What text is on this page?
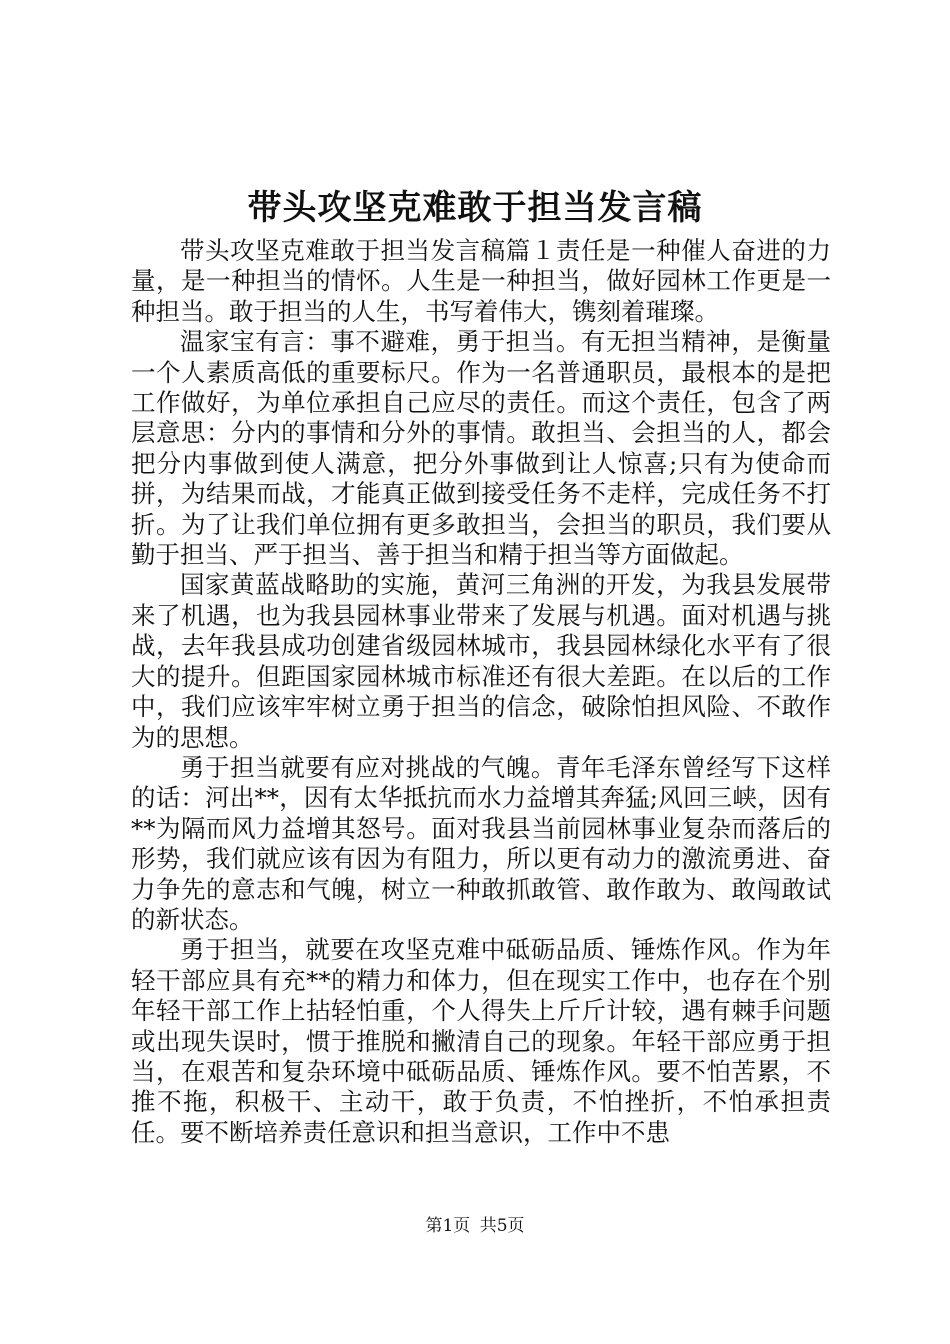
带头攻坚克难敢于担当发言稿

带头攻坚克难敢于担当发言稿篇１责任是一种催人奋进的力量，是一种担当的情怀。人生是一种担当，做好园林工作更是一种担当。敢于担当的人生，书写着伟大，镌刻着璀璨。

温家宝有言：事不避难，勇于担当。有无担当精神，是衡量一个人素质高低的重要标尺。作为一名普通职员，最根本的是把工作做好，为单位承担自己应尽的责任。而这个责任，包含了两层意思：分内的事情和分外的事情。敢担当、会担当的人，都会把分内事做到使人满意，把分外事做到让人惊喜;只有为使命而拼，为结果而战，才能真正做到接受任务不走样，完成任务不打折。为了让我们单位拥有更多敢担当，会担当的职员，我们要从勤于担当、严于担当、善于担当和精于担当等方面做起。

国家黄蓝战略助的实施，黄河三角洲的开发，为我县发展带来了机遇，也为我县园林事业带来了发展与机遇。面对机遇与挑战，去年我县成功创建省级园林城市，我县园林绿化水平有了很大的提升。但距国家园林城市标准还有很大差距。在以后的工作中，我们应该牢牢树立勇于担当的信念，破除怕担风险、不敢作为的思想。

勇于担当就要有应对挑战的气魄。青年毛泽东曾经写下这样的话：河出**，因有太华抵抗而水力益增其奔猛;风回三峡，因有**为隔而风力益增其怒号。面对我县当前园林事业复杂而落后的形势，我们就应该有因为有阻力，所以更有动力的激流勇进、奋力争先的意志和气魄，树立一种敢抓敢管、敢作敢为、敢闯敢试的新状态。

勇于担当，就要在攻坚克难中砥砺品质、锤炼作风。作为年轻干部应具有充**的精力和体力，但在现实工作中，也存在个别年轻干部工作上拈轻怕重，个人得失上斤斤计较，遇有棘手问题或出现失误时，惯于推脱和撇清自己的现象。年轻干部应勇于担当，在艰苦和复杂环境中砥砺品质、锤炼作风。要不怕苦累，不推不拖，积极干、主动干，敢于负责，不怕挫折，不怕承担责任。要不断培养责任意识和担当意识，工作中不患

第1页 共5页
